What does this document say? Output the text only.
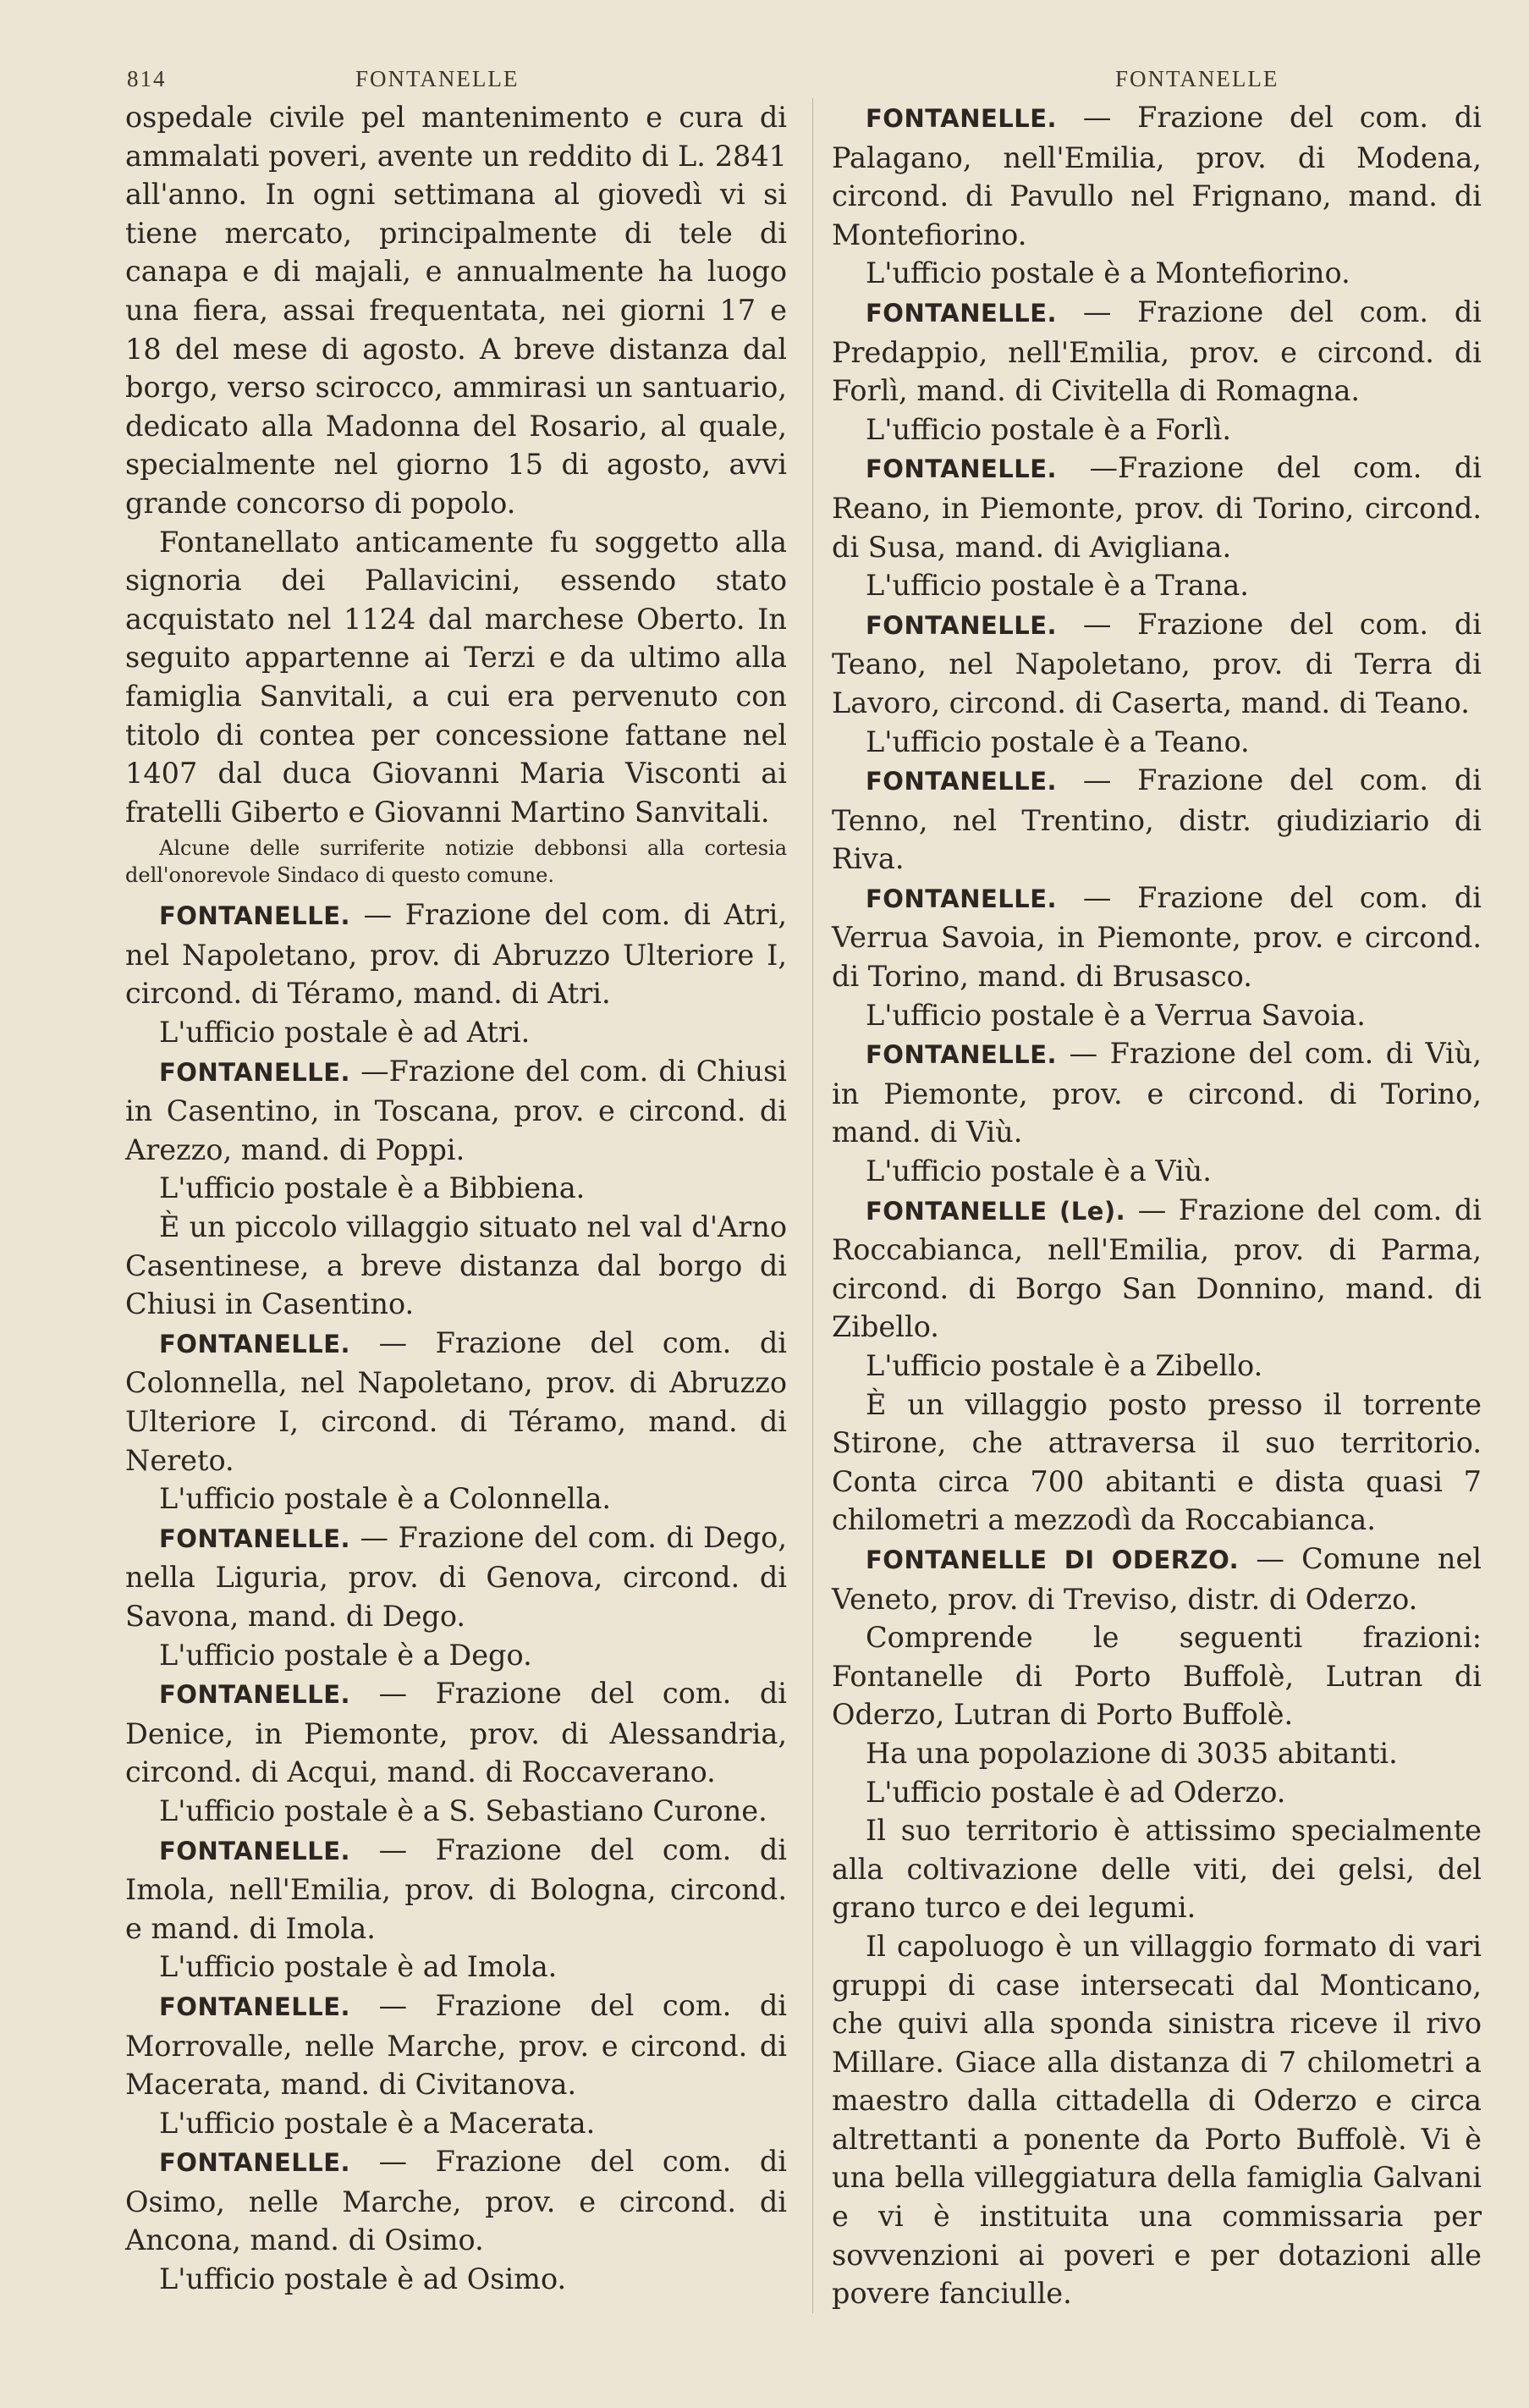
814	FONTANELLE	FONTANELLE

ospedale civile pel mantenimento e cura di ammalati poveri, avente un reddito di L. 2841 all'anno. In ogni settimana al giovedì vi si tiene mercato, principalmente di tele di canapa e di majali, e annualmente ha luogo una fiera, assai frequentata, nei giorni 17 e 18 del mese di agosto. A breve distanza dal borgo, verso scirocco, ammirasi un santuario, dedicato alla Madonna del Rosario, al quale, specialmente nel giorno 15 di agosto, avvi grande concorso di popolo.

Fontanellato anticamente fu soggetto alla signoria dei Pallavicini, essendo stato acquistato nel 1124 dal marchese Oberto. In seguito appartenne ai Terzi e da ultimo alla famiglia Sanvitali, a cui era pervenuto con titolo di contea per concessione fattane nel 1407 dal duca Giovanni Maria Visconti ai fratelli Giberto e Giovanni Martino Sanvitali.

Alcune delle surriferite notizie debbonsi alla cortesia dell'onorevole Sindaco di questo comune.

FONTANELLE. — Frazione del com. di Atri, nel Napoletano, prov. di Abruzzo Ulteriore I, circond. di Téramo, mand. di Atri.

L'ufficio postale è ad Atri.

FONTANELLE. —Frazione del com. di Chiusi in Casentino, in Toscana, prov. e circond. di Arezzo, mand. di Poppi.

L'ufficio postale è a Bibbiena.

È un piccolo villaggio situato nel val d'Arno Casentinese, a breve distanza dal borgo di Chiusi in Casentino.

FONTANELLE. — Frazione del com. di Colonnella, nel Napoletano, prov. di Abruzzo Ulteriore I, circond. di Téramo, mand. di Nereto.

L'ufficio postale è a Colonnella.

FONTANELLE. — Frazione del com. di Dego, nella Liguria, prov. di Genova, circond. di Savona, mand. di Dego.

L'ufficio postale è a Dego.

FONTANELLE. — Frazione del com. di Denice, in Piemonte, prov. di Alessandria, circond. di Acqui, mand. di Roccaverano.

L'ufficio postale è a S. Sebastiano Curone.

FONTANELLE. — Frazione del com. di Imola, nell'Emilia, prov. di Bologna, circond. e mand. di Imola.

L'ufficio postale è ad Imola.

FONTANELLE. — Frazione del com. di Morrovalle, nelle Marche, prov. e circond. di Macerata, mand. di Civitanova.

L'ufficio postale è a Macerata.

FONTANELLE. — Frazione del com. di Osimo, nelle Marche, prov. e circond. di Ancona, mand. di Osimo.

L'ufficio postale è ad Osimo.

FONTANELLE. — Frazione del com. di Palagano, nell'Emilia, prov. di Modena, circond. di Pavullo nel Frignano, mand. di Montefiorino.

L'ufficio postale è a Montefiorino.

FONTANELLE. — Frazione del com. di Predappio, nell'Emilia, prov. e circond. di Forlì, mand. di Civitella di Romagna.

L'ufficio postale è a Forlì.

FONTANELLE. —Frazione del com. di Reano, in Piemonte, prov. di Torino, circond. di Susa, mand. di Avigliana.

L'ufficio postale è a Trana.

FONTANELLE. — Frazione del com. di Teano, nel Napoletano, prov. di Terra di Lavoro, circond. di Caserta, mand. di Teano.

L'ufficio postale è a Teano.

FONTANELLE. — Frazione del com. di Tenno, nel Trentino, distr. giudiziario di Riva.

FONTANELLE. — Frazione del com. di Verrua Savoia, in Piemonte, prov. e circond. di Torino, mand. di Brusasco.

L'ufficio postale è a Verrua Savoia.

FONTANELLE. — Frazione del com. di Viù, in Piemonte, prov. e circond. di Torino, mand. di Viù.

L'ufficio postale è a Viù.

FONTANELLE (Le). — Frazione del com. di Roccabianca, nell'Emilia, prov. di Parma, circond. di Borgo San Donnino, mand. di Zibello.

L'ufficio postale è a Zibello.

È un villaggio posto presso il torrente Stirone, che attraversa il suo territorio. Conta circa 700 abitanti e dista quasi 7 chilometri a mezzodì da Roccabianca.

FONTANELLE DI ODERZO. — Comune nel Veneto, prov. di Treviso, distr. di Oderzo.

Comprende le seguenti frazioni: Fontanelle di Porto Buffolè, Lutran di Oderzo, Lutran di Porto Buffolè.

Ha una popolazione di 3035 abitanti.

L'ufficio postale è ad Oderzo.

Il suo territorio è attissimo specialmente alla coltivazione delle viti, dei gelsi, del grano turco e dei legumi.

Il capoluogo è un villaggio formato di vari gruppi di case intersecati dal Monticano, che quivi alla sponda sinistra riceve il rivo Millare. Giace alla distanza di 7 chilometri a maestro dalla cittadella di Oderzo e circa altrettanti a ponente da Porto Buffolè. Vi è una bella villeggiatura della famiglia Galvani e vi è instituita una commissaria per sovvenzioni ai poveri e per dotazioni alle povere fanciulle.
